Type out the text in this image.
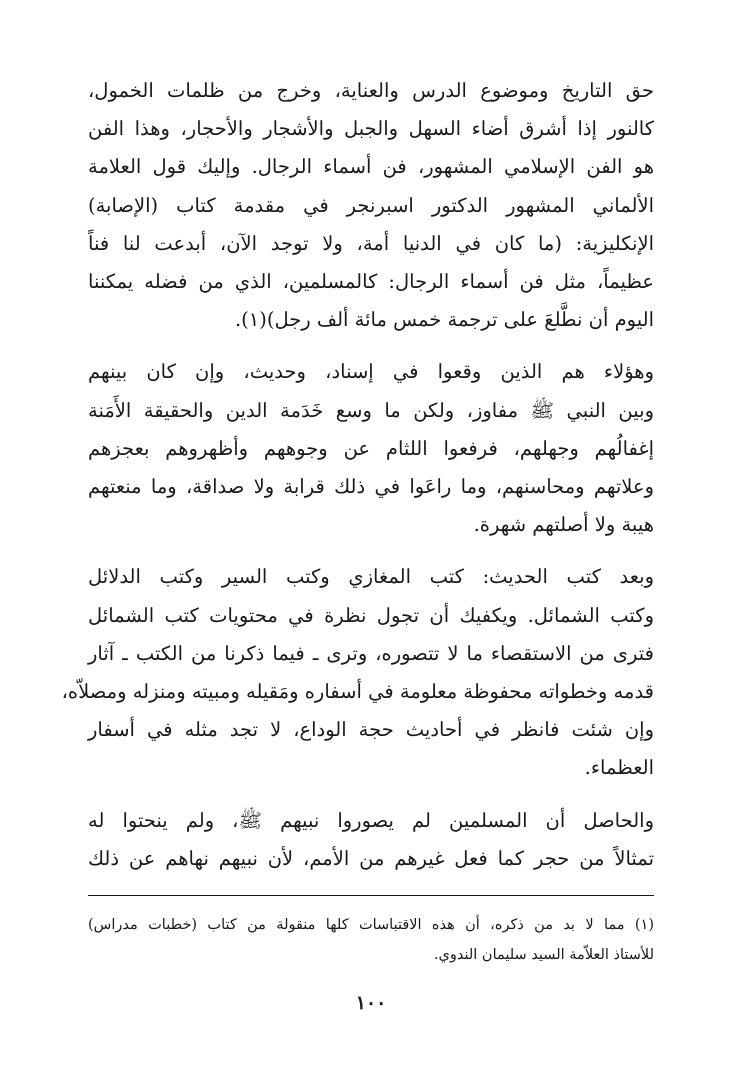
حق التاريخ وموضوع الدرس والعناية، وخرج من ظلمات الخمول،
كالنور إذا أشرق أضاء السهل والجبل والأشجار والأحجار، وهذا الفن
هو الفن الإسلامي المشهور، فن أسماء الرجال. وإليك قول العلامة
الألماني المشهور الدكتور اسبرنجر في مقدمة كتاب (الإصابة)
الإنكليزية: (ما كان في الدنيا أمة، ولا توجد الآن، أبدعت لنا فناً
عظيماً، مثل فن أسماء الرجال: كالمسلمين، الذي من فضله يمكننا
اليوم أن نطَّلعَ على ترجمة خمس مائة ألف رجل)(١).

وهؤلاء هم الذين وقعوا في إسناد، وحديث، وإن كان بينهم
وبين النبي ﷺ مفاوز، ولكن ما وسع خَدَمة الدين والحقيقة الأَمَنة
إغفالُهم وجهلهم، فرفعوا اللثام عن وجوههم وأظهروهم بعجزهم
وعلاتهم ومحاسنهم، وما راعَوا في ذلك قرابة ولا صداقة، وما منعتهم
هيبة ولا أصلتهم شهرة.

وبعد كتب الحديث: كتب المغازي وكتب السير وكتب الدلائل
وكتب الشمائل. ويكفيك أن تجول نظرة في محتويات كتب الشمائل
فترى من الاستقصاء ما لا تتصوره، وترى ـ فيما ذكرنا من الكتب ـ آثار
قدمه وخطواته محفوظة معلومة في أسفاره ومَقيله ومبيته ومنزله ومصلاّه،
وإن شئت فانظر في أحاديث حجة الوداع، لا تجد مثله في أسفار
العظماء.

والحاصل أن المسلمين لم يصوروا نبيهم ﷺ، ولم ينحتوا له
تمثالاً من حجر كما فعل غيرهم من الأمم، لأن نبيهم نهاهم عن ذلك

(١) مما لا بد من ذكره، أن هذه الاقتباسات كلها منقولة من كتاب (خطبات مدراس)
للأستاذ العلاّمة السيد سليمان الندوي.
١٠٠
